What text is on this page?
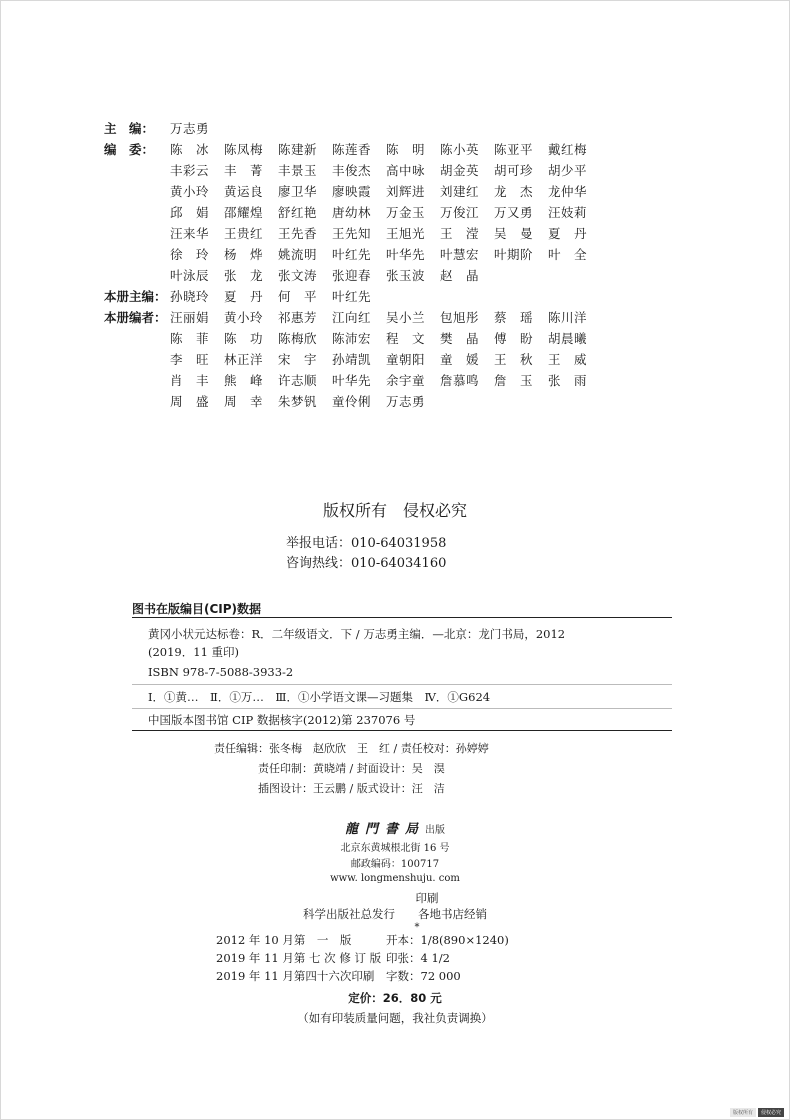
主　编：	万志勇
编　委：	陈　冰	陈凤梅	陈建新	陈莲香	陈　明	陈小英	陈亚平	戴红梅
丰彩云	丰　菁	丰景玉	丰俊杰	高中咏	胡金英	胡可珍	胡少平
黄小玲	黄运良	廖卫华	廖映霞	刘辉进	刘建红	龙　杰	龙仲华
邱　娟	邵耀煌	舒红艳	唐幼林	万金玉	万俊江	万又勇	汪妓莉
汪来华	王贵红	王先香	王先知	王旭光	王　滢	吴　曼	夏　丹
徐　玲	杨　烨	姚流明	叶红先	叶华先	叶慧宏	叶期阶	叶　全
叶泳辰	张　龙	张文涛	张迎春	张玉波	赵　晶
本册主编： 孙晓玲	夏　丹	何　平	叶红先
本册编者： 汪丽娟	黄小玲	祁惠芳	江向红	吴小兰	包旭彤	蔡　瑶	陈川洋
陈　菲	陈　功	陈梅欣	陈沛宏	程　文	樊　晶	傅　盼	胡晨曦
李　旺	林正洋	宋　宇	孙靖凯	童朝阳	童　媛	王　秋	王　威
肖　丰	熊　峰	许志顺	叶华先	余宇童	詹慕鸣	詹　玉	张　雨
周　盛	周　幸	朱梦钒	童伶俐	万志勇
版权所有　侵权必究
举报电话：010-64031958
咨询热线：010-64034160
图书在版编目(CIP)数据
黄冈小状元达标卷：R．二年级语文．下 / 万志勇主编．—北京：龙门书局，2012
(2019．11 重印)
ISBN 978-7-5088-3933-2
Ⅰ．①黄…　Ⅱ．①万…　Ⅲ．①小学语文课—习题集　Ⅳ．①G624
中国版本图书馆 CIP 数据核字(2012)第 237076 号
责任编辑：张冬梅　赵欣欣　王　红 / 责任校对：孙婷婷
责任印制：黄晓靖 / 封面设计：吴　淏
插图设计：王云鹏 / 版式设计：汪　洁
龍門書局出版
北京东黄城根北街 16 号
邮政编码：100717
www. longmenshuju. com
印刷
科学出版社总发行　　各地书店经销
*
2012 年 10 月第　一　版	开本：1/8(890×1240)
2019 年 11 月第 七 次 修 订 版 印张：4 1/2
2019 年 11 月第四十六次印刷	字数：72 000
定价：26．80 元
（如有印装质量问题，我社负责调换）
版权所有	侵权必究
